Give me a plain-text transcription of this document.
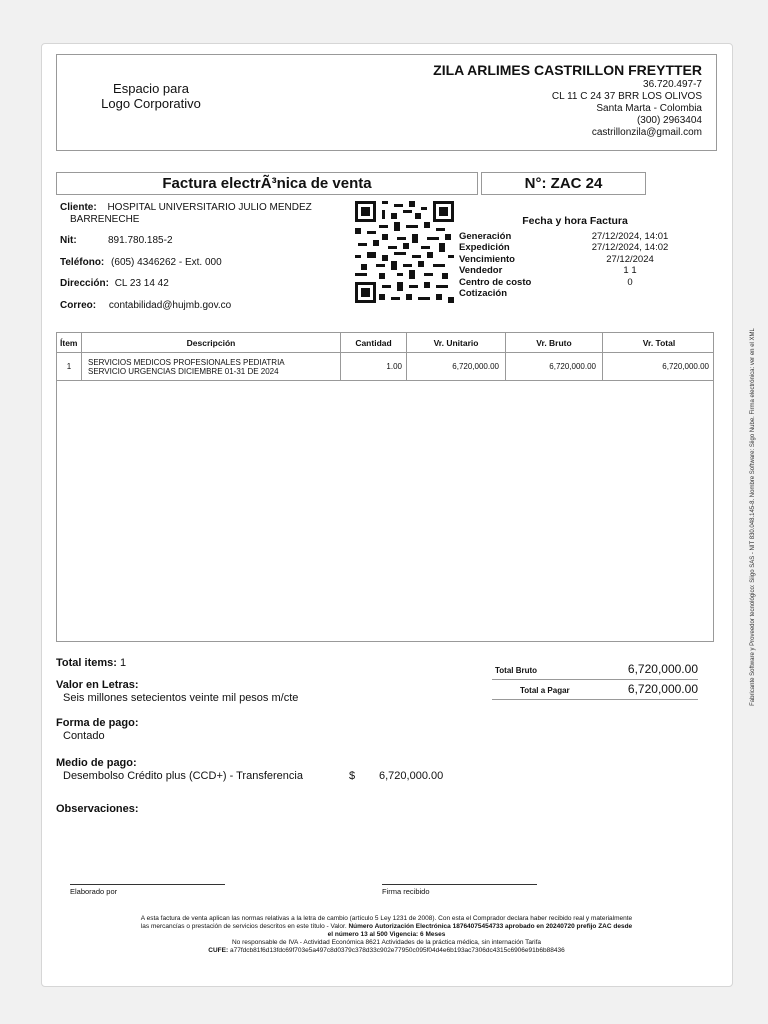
Espacio para
Logo Corporativo
ZILA ARLIMES CASTRILLON FREYTTER
36.720.497-7
CL 11 C 24 37 BRR LOS OLIVOS
Santa Marta - Colombia
(300) 2963404
castrillonzila@gmail.com
Factura electrÃ³nica de venta	N°: ZAC 24
Cliente: HOSPITAL UNIVERSITARIO JULIO MENDEZ
BARRENECHE
Nit:	891.780.185-2
Teléfono: (605) 4346262 - Ext. 000
Dirección: CL 23 14 42
Correo: contabilidad@hujmb.gov.co
Fecha y hora Factura
Generación	27/12/2024, 14:01
Expedición	27/12/2024, 14:02
Vencimiento	27/12/2024
Vendedor	1 1
Centro de costo	0
Cotización
Ítem	Descripción	Cantidad	Vr. Unitario	Vr. Bruto	Vr. Total
1	SERVICIOS MEDICOS PROFESIONALES PEDIATRIA
SERVICIO URGENCIAS DICIEMBRE 01-31 DE 2024	1.00	6,720,000.00	6,720,000.00	6,720,000.00
Total items: 1
Valor en Letras:
Seis millones setecientos veinte mil pesos m/cte
Forma de pago:
Contado
Medio de pago:
Desembolso Crédito plus (CCD+) - Transferencia	$ 6,720,000.00
Observaciones:
Total Bruto	6,720,000.00
Total a Pagar	6,720,000.00
Elaborado por	Firma recibido
A esta factura de venta aplican las normas relativas a la letra de cambio (artículo 5 Ley 1231 de 2008). Con esta el Comprador declara haber recibido real y materialmente
las mercancías o prestación de servicios descritos en este título - Valor. Número Autorización Electrónica 18764075454733 aprobado en 20240720 prefijo ZAC desde
el número 13 al 500 Vigencia: 6 Meses
No responsable de IVA - Actividad Económica 8621 Actividades de la práctica médica, sin internación Tarifa
CUFE: a77fdcb81f6d13fdc69f703e5a497c8d0379c378d33c902e77950c095f04d4e6b193ac7306dc4315c6906e91b6b88436
Fabricante Software y Proveedor tecnológico: Siigo SAS - NIT 830.048.145-8. Nombre Software: Siigo Nube. Firma electrónica: ver en el XML
